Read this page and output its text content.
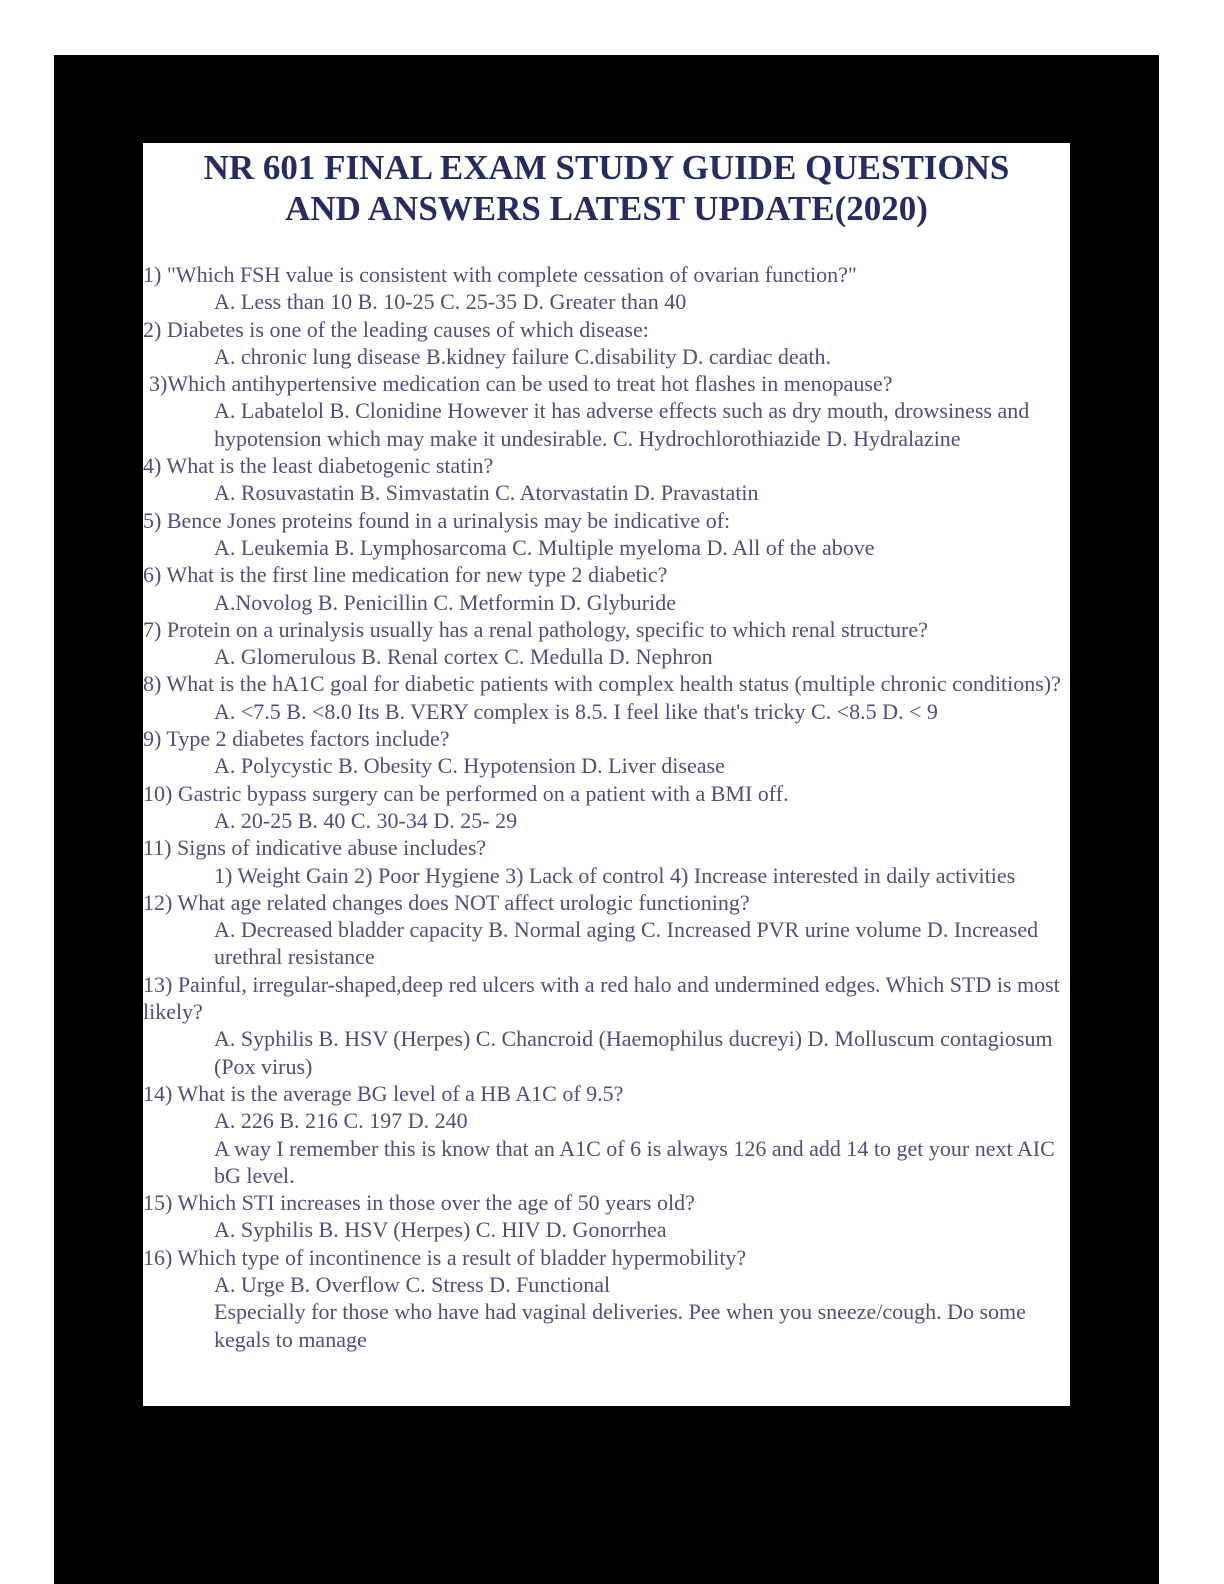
NR 601 FINAL EXAM STUDY GUIDE QUESTIONS
AND ANSWERS LATEST UPDATE(2020)
1) "Which FSH value is consistent with complete cessation of ovarian function?"
A. Less than 10 B. 10-25 C. 25-35 D. Greater than 40
2) Diabetes is one of the leading causes of which disease:
A. chronic lung disease B.kidney failure C.disability D. cardiac death.
3)Which antihypertensive medication can be used to treat hot flashes in menopause?
A. Labatelol B. Clonidine However it has adverse effects such as dry mouth, drowsiness and hypotension which may make it undesirable. C. Hydrochlorothiazide D. Hydralazine
4) What is the least diabetogenic statin?
A. Rosuvastatin B. Simvastatin C. Atorvastatin D. Pravastatin
5) Bence Jones proteins found in a urinalysis may be indicative of:
A. Leukemia B. Lymphosarcoma C. Multiple myeloma D. All of the above
6) What is the first line medication for new type 2 diabetic?
A.Novolog B. Penicillin C. Metformin D. Glyburide
7) Protein on a urinalysis usually has a renal pathology, specific to which renal structure?
A. Glomerulous B. Renal cortex C. Medulla D. Nephron
8) What is the hA1C goal for diabetic patients with complex health status (multiple chronic conditions)?
A. <7.5 B. <8.0 Its B. VERY complex is 8.5. I feel like that's tricky C. <8.5 D. < 9
9) Type 2 diabetes factors include?
A. Polycystic B. Obesity C. Hypotension D. Liver disease
10) Gastric bypass surgery can be performed on a patient with a BMI off.
A. 20-25 B. 40 C. 30-34 D. 25- 29
11) Signs of indicative abuse includes?
1) Weight Gain 2) Poor Hygiene 3) Lack of control 4) Increase interested in daily activities
12) What age related changes does NOT affect urologic functioning?
A. Decreased bladder capacity B. Normal aging C. Increased PVR urine volume D. Increased urethral resistance
13) Painful, irregular-shaped,deep red ulcers with a red halo and undermined edges. Which STD is most likely?
A. Syphilis B. HSV (Herpes) C. Chancroid (Haemophilus ducreyi) D. Molluscum contagiosum (Pox virus)
14) What is the average BG level of a HB A1C of 9.5?
A. 226 B. 216 C. 197 D. 240
A way I remember this is know that an A1C of 6 is always 126 and add 14 to get your next AIC bG level.
15) Which STI increases in those over the age of 50 years old?
A. Syphilis B. HSV (Herpes) C. HIV D. Gonorrhea
16) Which type of incontinence is a result of bladder hypermobility?
A. Urge B. Overflow C. Stress D. Functional
Especially for those who have had vaginal deliveries. Pee when you sneeze/cough. Do some kegals to manage
